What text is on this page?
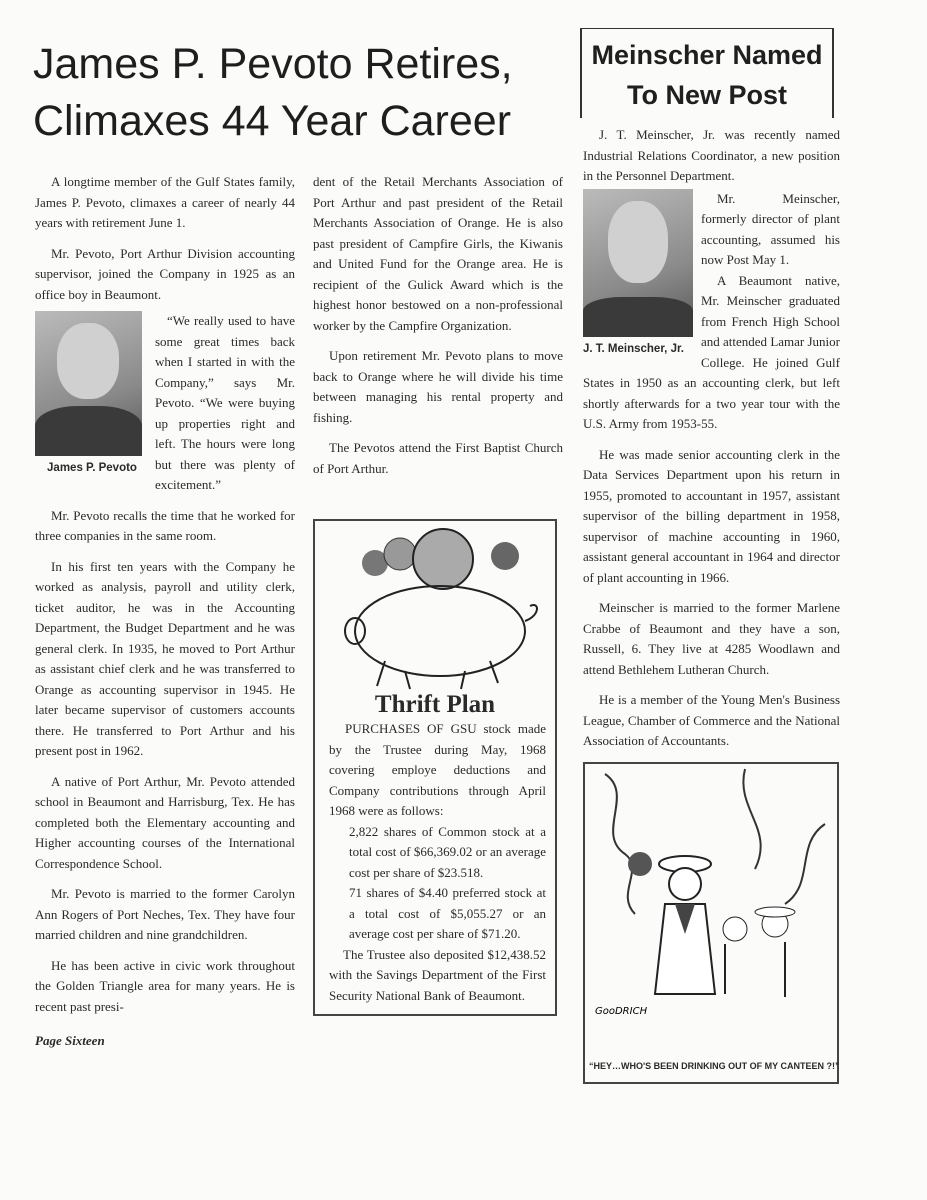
James P. Pevoto Retires,
Climaxes 44 Year Career

A longtime member of the Gulf States family, James P. Pevoto, climaxes a career of nearly 44 years with retirement June 1.

Mr. Pevoto, Port Arthur Division accounting supervisor, joined the Company in 1925 as an office boy in Beaumont.

James P. Pevoto

“We really used to have some great times back when I started in with the Company,” says Mr. Pevoto. “We were buying up properties right and left. The hours were long but there was plenty of excitement.”

Mr. Pevoto recalls the time that he worked for three companies in the same room.

In his first ten years with the Company he worked as analysis, payroll and utility clerk, ticket auditor, he was in the Accounting Department, the Budget Department and he was general clerk. In 1935, he moved to Port Arthur as assistant chief clerk and he was transferred to Orange as accounting supervisor in 1945. He later became supervisor of customers accounts there. He transferred to Port Arthur and his present post in 1962.

A native of Port Arthur, Mr. Pevoto attended school in Beaumont and Harrisburg, Tex. He has completed both the Elementary accounting and Higher accounting courses of the International Correspondence School.

Mr. Pevoto is married to the former Carolyn Ann Rogers of Port Neches, Tex. They have four married children and nine grandchildren.

He has been active in civic work throughout the Golden Triangle area for many years. He is recent past presi-

Page Sixteen

dent of the Retail Merchants Association of Port Arthur and past president of the Retail Merchants Association of Orange. He is also past president of Campfire Girls, the Kiwanis and United Fund for the Orange area. He is recipient of the Gulick Award which is the highest honor bestowed on a non-professional worker by the Campfire Organization.

Upon retirement Mr. Pevoto plans to move back to Orange where he will divide his time between managing his rental property and fishing.

The Pevotos attend the First Baptist Church of Port Arthur.

Thrift Plan

PURCHASES OF GSU stock made by the Trustee during May, 1968 covering employe deductions and Company contributions through April 1968 were as follows:

2,822 shares of Common stock at a total cost of $66,369.02 or an average cost per share of $23.518.

71 shares of $4.40 preferred stock at a total cost of $5,055.27 or an average cost per share of $71.20.

The Trustee also deposited $12,438.52 with the Savings Department of the First Security National Bank of Beaumont.

Meinscher Named
To New Post

J. T. Meinscher, Jr. was recently named Industrial Relations Coordinator, a new position in the Personnel Department.

J. T. Meinscher, Jr.

Mr. Meinscher, formerly director of plant accounting, assumed his now Post May 1.

A Beaumont native, Mr. Meinscher graduated from French High School and attended Lamar Junior College. He joined Gulf States in 1950 as an accounting clerk, but left shortly afterwards for a two year tour with the U.S. Army from 1953-55.

He was made senior accounting clerk in the Data Services Department upon his return in 1955, promoted to accountant in 1957, assistant supervisor of the billing department in 1958, supervisor of machine accounting in 1960, assistant general accountant in 1964 and director of plant accounting in 1966.

Meinscher is married to the former Marlene Crabbe of Beaumont and they have a son, Russell, 6. They live at 4285 Woodlawn and attend Bethlehem Lutheran Church.

He is a member of the Young Men's Business League, Chamber of Commerce and the National Association of Accountants.

GooDRICH
“HEY…WHO'S BEEN DRINKING OUT OF MY CANTEEN ?!”
